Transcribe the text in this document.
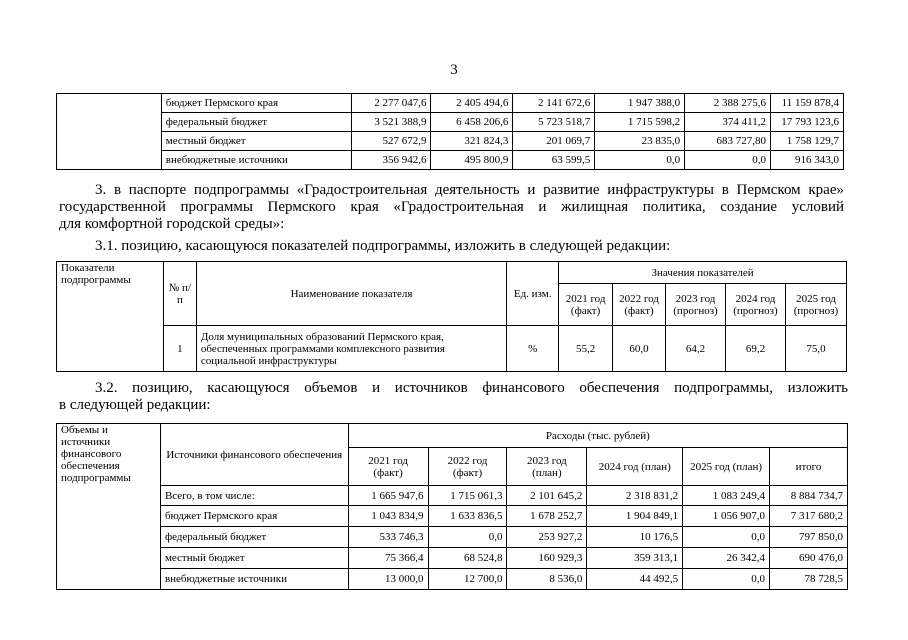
3
	бюджет Пермского края	2 277 047,6	2 405 494,6	2 141 672,6	1 947 388,0	2 388 275,6	11 159 878,4
	федеральный бюджет	3 521 388,9	6 458 206,6	5 723 518,7	1 715 598,2	374 411,2	17 793 123,6
	местный бюджет	527 672,9	321 824,3	201 069,7	23 835,0	683 727,80	1 758 129,7
	внебюджетные источники	356 942,6	495 800,9	63 599,5	0,0	0,0	916 343,0
3. в паспорте подпрограммы «Градостроительная деятельность и развитие инфраструктуры в Пермском крае»
государственной программы Пермского края «Градостроительная и жилищная политика, создание условий
для комфортной городской среды»:
3.1. позицию, касающуюся показателей подпрограммы, изложить в следующей редакции:
Показатели подпрограммы	№ п/п	Наименование показателя	Ед. изм.	Значения показателей				
				2021 год (факт)	2022 год (факт)	2023 год (прогноз)	2024 год (прогноз)	2025 год (прогноз)
	1	Доля муниципальных образований Пермского края, обеспеченных программами комплексного развития социальной инфраструктуры	%	55,2	60,0	64,2	69,2	75,0
3.2. позицию, касающуюся объемов и источников финансового обеспечения подпрограммы, изложить
в следующей редакции:
Объемы и источники финансового обеспечения подпрограммы	Источники финансового обеспечения	Расходы (тыс. рублей)					
		2021 год (факт)	2022 год (факт)	2023 год (план)	2024 год (план)	2025 год (план)	итого
	Всего, в том числе:	1 665 947,6	1 715 061,3	2 101 645,2	2 318 831,2	1 083 249,4	8 884 734,7
	бюджет Пермского края	1 043 834,9	1 633 836,5	1 678 252,7	1 904 849,1	1 056 907,0	7 317 680,2
	федеральный бюджет	533 746,3	0,0	253 927,2	10 176,5	0,0	797 850,0
	местный бюджет	75 366,4	68 524,8	160 929,3	359 313,1	26 342,4	690 476,0
	внебюджетные источники	13 000,0	12 700,0	8 536,0	44 492,5	0,0	78 728,5
